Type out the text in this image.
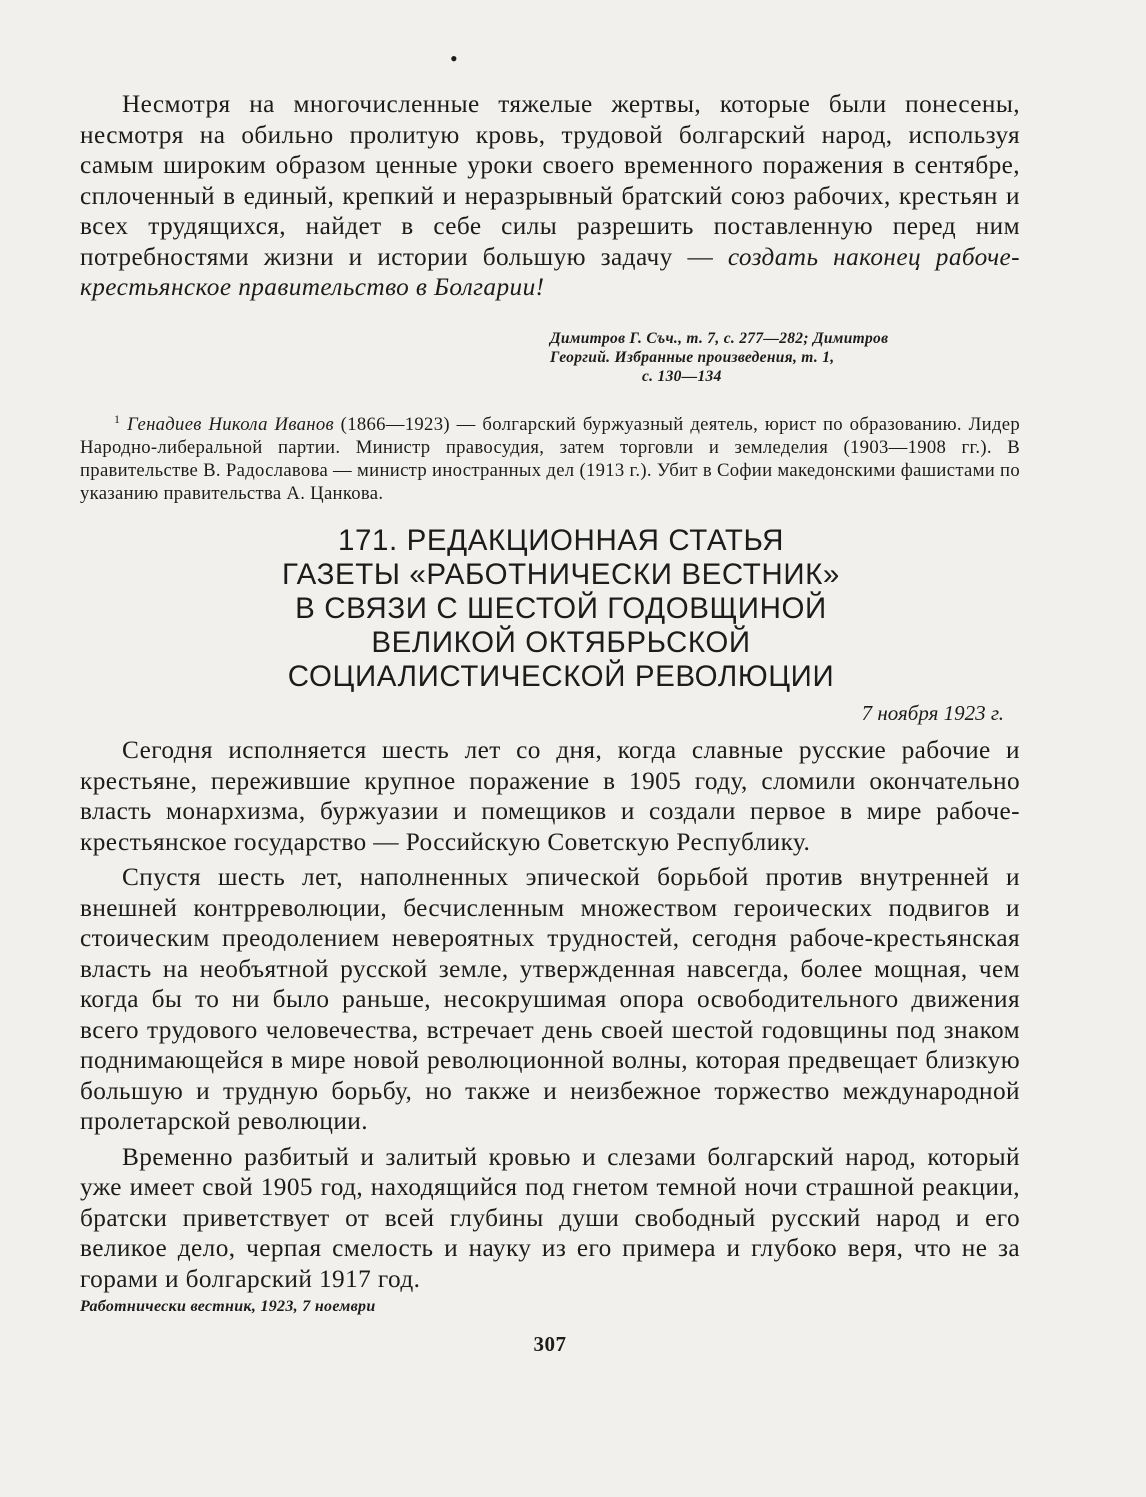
•

Несмотря на многочисленные тяжелые жертвы, которые были понесены, несмотря на обильно пролитую кровь, трудовой болгарский народ, используя самым широким образом ценные уроки своего временного поражения в сентябре, сплоченный в единый, крепкий и неразрывный братский союз рабочих, крестьян и всех трудящихся, найдет в себе силы разрешить поставленную перед ним потребностями жизни и истории большую задачу — создать наконец рабоче-крестьянское правительство в Болгарии!

Димитров Г. Съч., т. 7, с. 277—282; Димитров
Георгий. Избранные произведения, т. 1,
с. 130—134

$^1$ Генадиев Никола Иванов (1866—1923) — болгарский буржуазный деятель, юрист по образованию. Лидер Народно-либеральной партии. Министр правосудия, затем торговли и земледелия (1903—1908 гг.). В правительстве В. Радославова — министр иностранных дел (1913 г.). Убит в Софии македонскими фашистами по указанию правительства А. Цанкова.

171. РЕДАКЦИОННАЯ СТАТЬЯ
ГАЗЕТЫ «РАБОТНИЧЕСКИ ВЕСТНИК»
В СВЯЗИ С ШЕСТОЙ ГОДОВЩИНОЙ
ВЕЛИКОЙ ОКТЯБРЬСКОЙ
СОЦИАЛИСТИЧЕСКОЙ РЕВОЛЮЦИИ
7 ноября 1923 г.

Сегодня исполняется шесть лет со дня, когда славные русские рабочие и крестьяне, пережившие крупное поражение в 1905 году, сломили окончательно власть монархизма, буржуазии и помещиков и создали первое в мире рабоче-крестьянское государство — Российскую Советскую Республику.

Спустя шесть лет, наполненных эпической борьбой против внутренней и внешней контрреволюции, бесчисленным множеством героических подвигов и стоическим преодолением невероятных трудностей, сегодня рабоче-крестьянская власть на необъятной русской земле, утвержденная навсегда, более мощная, чем когда бы то ни было раньше, несокрушимая опора освободительного движения всего трудового человечества, встречает день своей шестой годовщины под знаком поднимающейся в мире новой революционной волны, которая предвещает близкую большую и трудную борьбу, но также и неизбежное торжество международной пролетарской революции.

Временно разбитый и залитый кровью и слезами болгарский народ, который уже имеет свой 1905 год, находящийся под гнетом темной ночи страшной реакции, братски приветствует от всей глубины души свободный русский народ и его великое дело, черпая смелость и науку из его примера и глубоко веря, что не за горами и болгарский 1917 год.

Работнически вестник, 1923, 7 ноември
307
